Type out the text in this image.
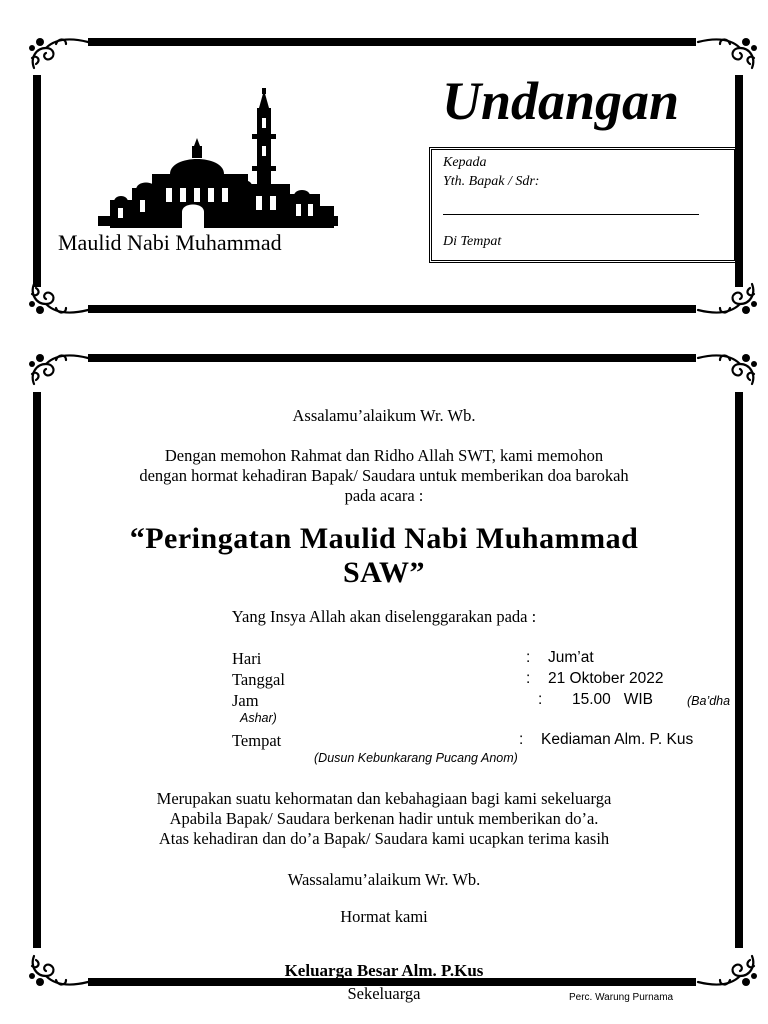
Maulid Nabi Muhammad
Undangan
Kepada
Yth. Bapak / Sdr:
Di Tempat
Assalamu’alaikum Wr. Wb.
Dengan memohon Rahmat dan Ridho Allah SWT, kami memohon
dengan hormat kehadiran Bapak/ Saudara untuk memberikan doa barokah
pada acara :
“Peringatan Maulid Nabi Muhammad
SAW”
Yang Insya Allah akan diselenggarakan pada :
Hari	: Jum’at
Tanggal	: 21 Oktober 2022
Jam	: 15.00   WIB	(Ba’dha
Ashar)
Tempat	: Kediaman Alm. P. Kus
(Dusun Kebunkarang Pucang Anom)
Merupakan suatu kehormatan dan kebahagiaan bagi kami sekeluarga
Apabila Bapak/ Saudara berkenan hadir untuk memberikan do’a.
Atas kehadiran dan do’a Bapak/ Saudara kami ucapkan terima kasih
Wassalamu’alaikum Wr. Wb.
Hormat kami
Keluarga Besar Alm. P.Kus
Sekeluarga	Perc. Warung Purnama
